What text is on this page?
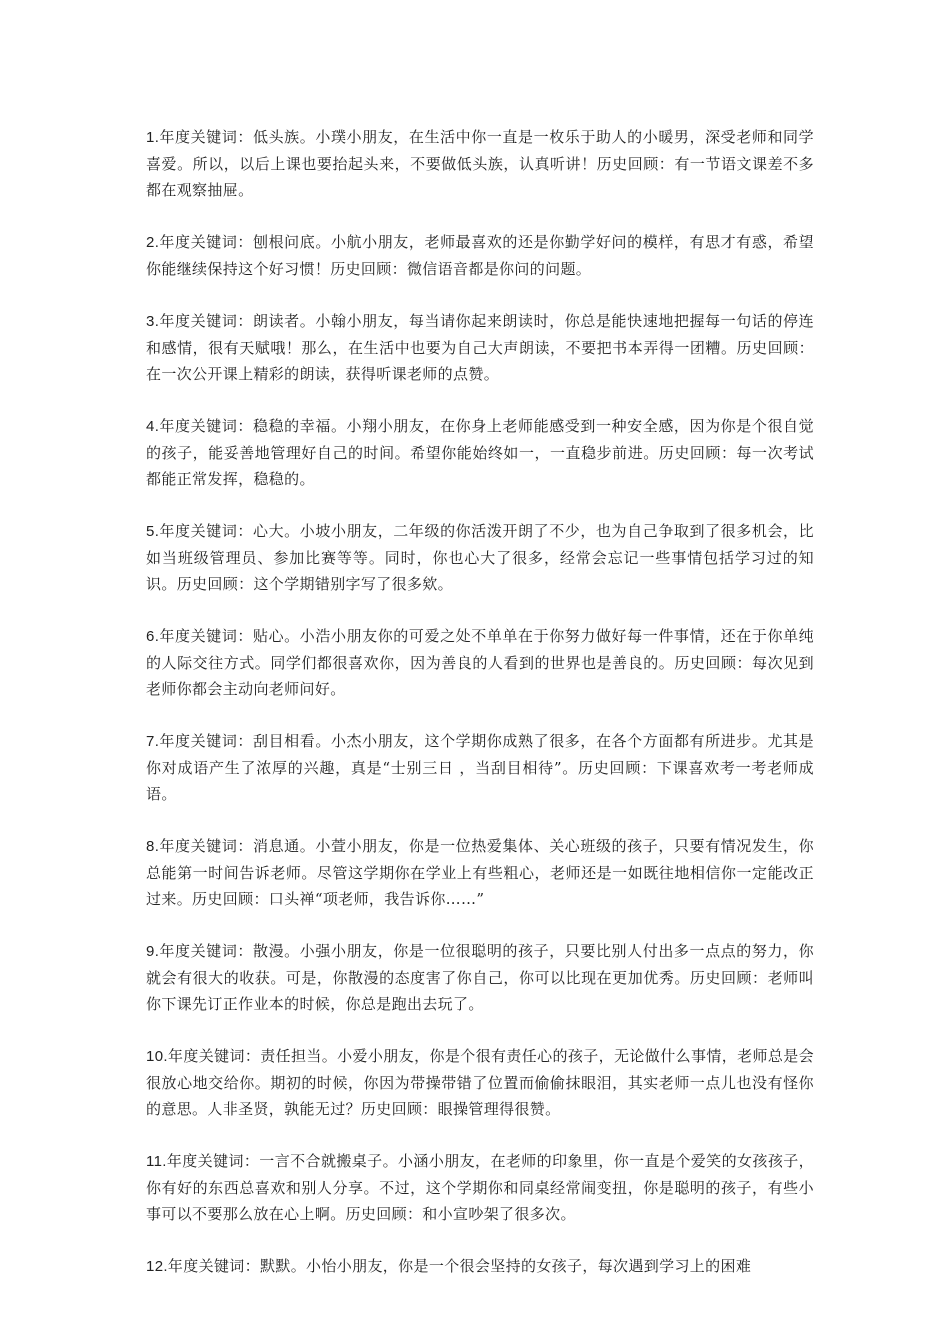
1.年度关键词：低头族。小璞小朋友，在生活中你一直是一枚乐于助人的小暖男，深受老师和同学喜爱。所以，以后上课也要抬起头来，不要做低头族，认真听讲！历史回顾：有一节语文课差不多都在观察抽屉。

2.年度关键词：刨根问底。小航小朋友，老师最喜欢的还是你勤学好问的模样，有思才有惑，希望你能继续保持这个好习惯！历史回顾：微信语音都是你问的问题。

3.年度关键词：朗读者。小翰小朋友，每当请你起来朗读时，你总是能快速地把握每一句话的停连和感情，很有天赋哦！那么，在生活中也要为自己大声朗读，不要把书本弄得一团糟。历史回顾：在一次公开课上精彩的朗读，获得听课老师的点赞。

4.年度关键词：稳稳的幸福。小翔小朋友，在你身上老师能感受到一种安全感，因为你是个很自觉的孩子，能妥善地管理好自己的时间。希望你能始终如一，一直稳步前进。历史回顾：每一次考试都能正常发挥，稳稳的。

5.年度关键词：心大。小坡小朋友，二年级的你活泼开朗了不少，也为自己争取到了很多机会，比如当班级管理员、参加比赛等等。同时，你也心大了很多，经常会忘记一些事情包括学习过的知识。历史回顾：这个学期错别字写了很多欸。

6.年度关键词：贴心。小浩小朋友你的可爱之处不单单在于你努力做好每一件事情，还在于你单纯的人际交往方式。同学们都很喜欢你，因为善良的人看到的世界也是善良的。历史回顾：每次见到老师你都会主动向老师问好。

7.年度关键词：刮目相看。小杰小朋友，这个学期你成熟了很多，在各个方面都有所进步。尤其是你对成语产生了浓厚的兴趣，真是“士别三日 ，当刮目相待”。历史回顾：下课喜欢考一考老师成语。

8.年度关键词：消息通。小萱小朋友，你是一位热爱集体、关心班级的孩子，只要有情况发生，你总能第一时间告诉老师。尽管这学期你在学业上有些粗心，老师还是一如既往地相信你一定能改正过来。历史回顾：口头禅“项老师，我告诉你……”

9.年度关键词：散漫。小强小朋友，你是一位很聪明的孩子，只要比别人付出多一点点的努力，你就会有很大的收获。可是，你散漫的态度害了你自己，你可以比现在更加优秀。历史回顾：老师叫你下课先订正作业本的时候，你总是跑出去玩了。

10.年度关键词：责任担当。小爱小朋友，你是个很有责任心的孩子，无论做什么事情，老师总是会很放心地交给你。期初的时候，你因为带操带错了位置而偷偷抹眼泪，其实老师一点儿也没有怪你的意思。人非圣贤，孰能无过？历史回顾：眼操管理得很赞。

11.年度关键词：一言不合就搬桌子。小涵小朋友，在老师的印象里，你一直是个爱笑的女孩孩子，你有好的东西总喜欢和别人分享。不过，这个学期你和同桌经常闹变扭，你是聪明的孩子，有些小事可以不要那么放在心上啊。历史回顾：和小宣吵架了很多次。

12.年度关键词：默默。小怡小朋友，你是一个很会坚持的女孩子，每次遇到学习上的困难
